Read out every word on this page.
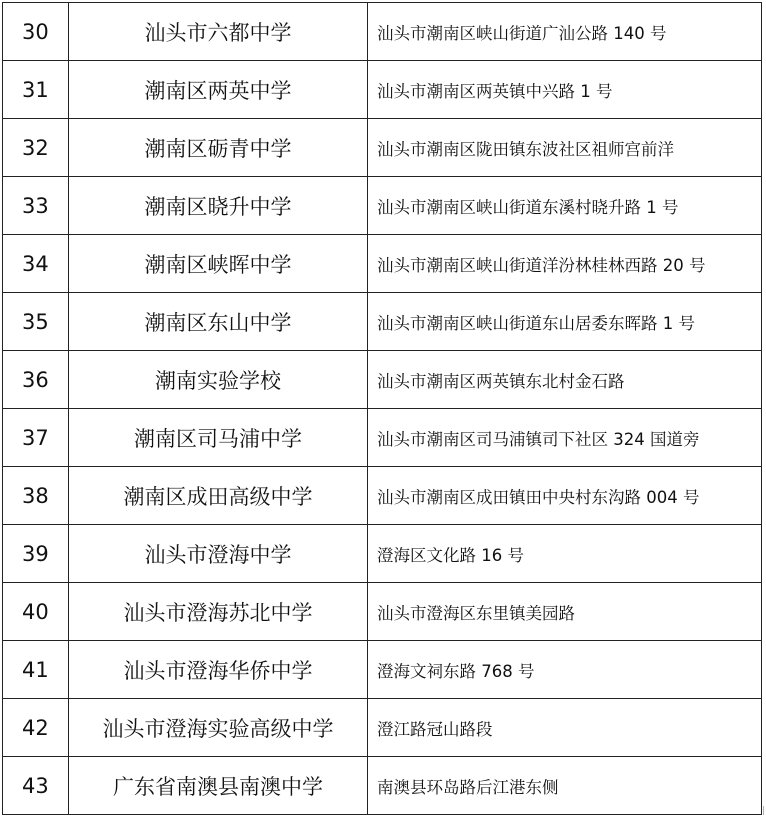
30	汕头市六都中学	汕头市潮南区峡山街道广汕公路 140 号
31	潮南区两英中学	汕头市潮南区两英镇中兴路 1 号
32	潮南区砺青中学	汕头市潮南区陇田镇东波社区祖师宫前洋
33	潮南区晓升中学	汕头市潮南区峡山街道东溪村晓升路 1 号
34	潮南区峡晖中学	汕头市潮南区峡山街道洋汾林桂林西路 20 号
35	潮南区东山中学	汕头市潮南区峡山街道东山居委东晖路 1 号
36	潮南实验学校	汕头市潮南区两英镇东北村金石路
37	潮南区司马浦中学	汕头市潮南区司马浦镇司下社区 324 国道旁
38	潮南区成田高级中学	汕头市潮南区成田镇田中央村东沟路 004 号
39	汕头市澄海中学	澄海区文化路 16 号
40	汕头市澄海苏北中学	汕头市澄海区东里镇美园路
41	汕头市澄海华侨中学	澄海文祠东路 768 号
42	汕头市澄海实验高级中学	澄江路冠山路段
43	广东省南澳县南澳中学	南澳县环岛路后江港东侧
